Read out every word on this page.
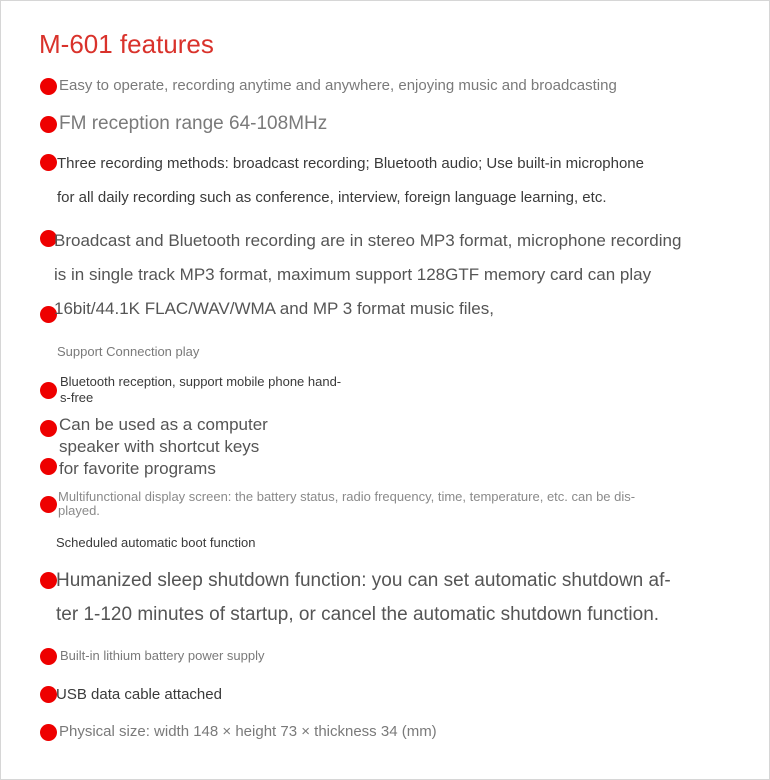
M-601 features
Easy to operate, recording anytime and anywhere, enjoying music and broadcasting
FM reception range 64-108MHz
Three recording methods: broadcast recording; Bluetooth audio; Use built-in microphone
for all daily recording such as conference, interview, foreign language learning, etc.
Broadcast and Bluetooth recording are in stereo MP3 format, microphone recording
is in single track MP3 format, maximum support 128GTF memory card can play
16bit/44.1K FLAC/WAV/WMA and MP 3 format music files,
Support Connection play
Bluetooth reception, support mobile phone hand-
s-free
Can be used as a computer
speaker with shortcut keys
for favorite programs
Multifunctional display screen: the battery status, radio frequency, time, temperature, etc. can be dis-
played.
Scheduled automatic boot function
Humanized sleep shutdown function: you can set automatic shutdown af-
ter 1-120 minutes of startup, or cancel the automatic shutdown function.
Built-in lithium battery power supply
USB data cable attached
Physical size: width 148 × height 73 × thickness 34 (mm)
